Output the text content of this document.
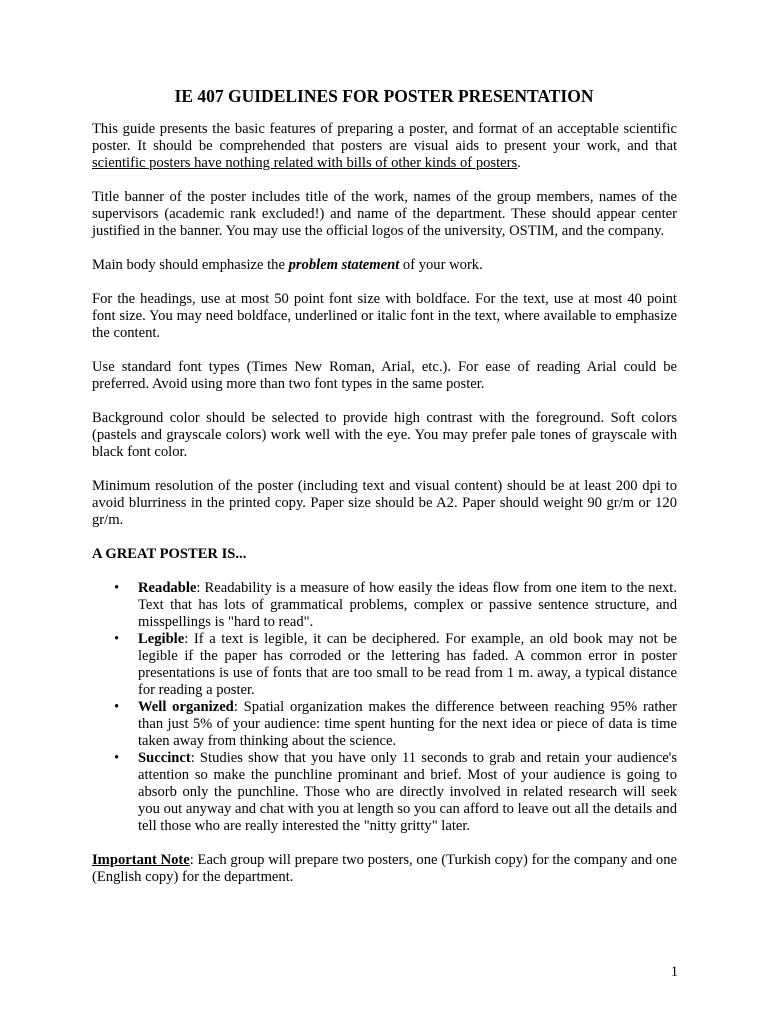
IE 407 GUIDELINES FOR POSTER PRESENTATION

This guide presents the basic features of preparing a poster, and format of an acceptable scientific poster. It should be comprehended that posters are visual aids to present your work, and that scientific posters have nothing related with bills of other kinds of posters.

Title banner of the poster includes title of the work, names of the group members, names of the supervisors (academic rank excluded!) and name of the department. These should appear center justified in the banner. You may use the official logos of the university, OSTIM, and the company.

Main body should emphasize the problem statement of your work.

For the headings, use at most 50 point font size with boldface. For the text, use at most 40 point font size. You may need boldface, underlined or italic font in the text, where available to emphasize the content.

Use standard font types (Times New Roman, Arial, etc.). For ease of reading Arial could be preferred. Avoid using more than two font types in the same poster.

Background color should be selected to provide high contrast with the foreground. Soft colors (pastels and grayscale colors) work well with the eye. You may prefer pale tones of grayscale with black font color.

Minimum resolution of the poster (including text and visual content) should be at least 200 dpi to avoid blurriness in the printed copy. Paper size should be A2. Paper should weight 90 gr/m or 120 gr/m.

A GREAT POSTER IS...
• Readable: Readability is a measure of how easily the ideas flow from one item to the next. Text that has lots of grammatical problems, complex or passive sentence structure, and misspellings is "hard to read".
• Legible: If a text is legible, it can be deciphered. For example, an old book may not be legible if the paper has corroded or the lettering has faded. A common error in poster presentations is use of fonts that are too small to be read from 1 m. away, a typical distance for reading a poster.
• Well organized: Spatial organization makes the difference between reaching 95% rather than just 5% of your audience: time spent hunting for the next idea or piece of data is time taken away from thinking about the science.
• Succinct: Studies show that you have only 11 seconds to grab and retain your audience's attention so make the punchline prominant and brief. Most of your audience is going to absorb only the punchline. Those who are directly involved in related research will seek you out anyway and chat with you at length so you can afford to leave out all the details and tell those who are really interested the "nitty gritty" later.

Important Note: Each group will prepare two posters, one (Turkish copy) for the company and one (English copy) for the department.

1
